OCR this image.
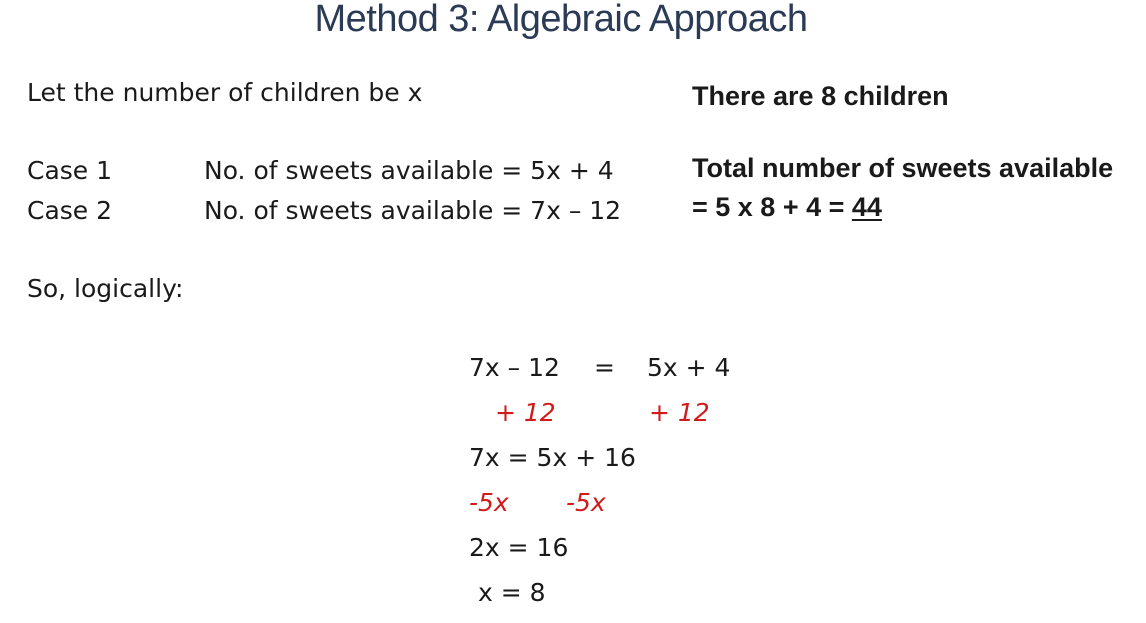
Method 3: Algebraic Approach
Let the number of children be x
Case 1	No. of sweets available = 5x + 4
Case 2	No. of sweets available = 7x – 12
So, logically:
7x – 12 = 5x + 4
+ 12	+ 12
7x = 5x + 16
-5x -5x
2x = 16
x = 8
There are 8 children
Total number of sweets available
= 5 x 8 + 4 = 44
